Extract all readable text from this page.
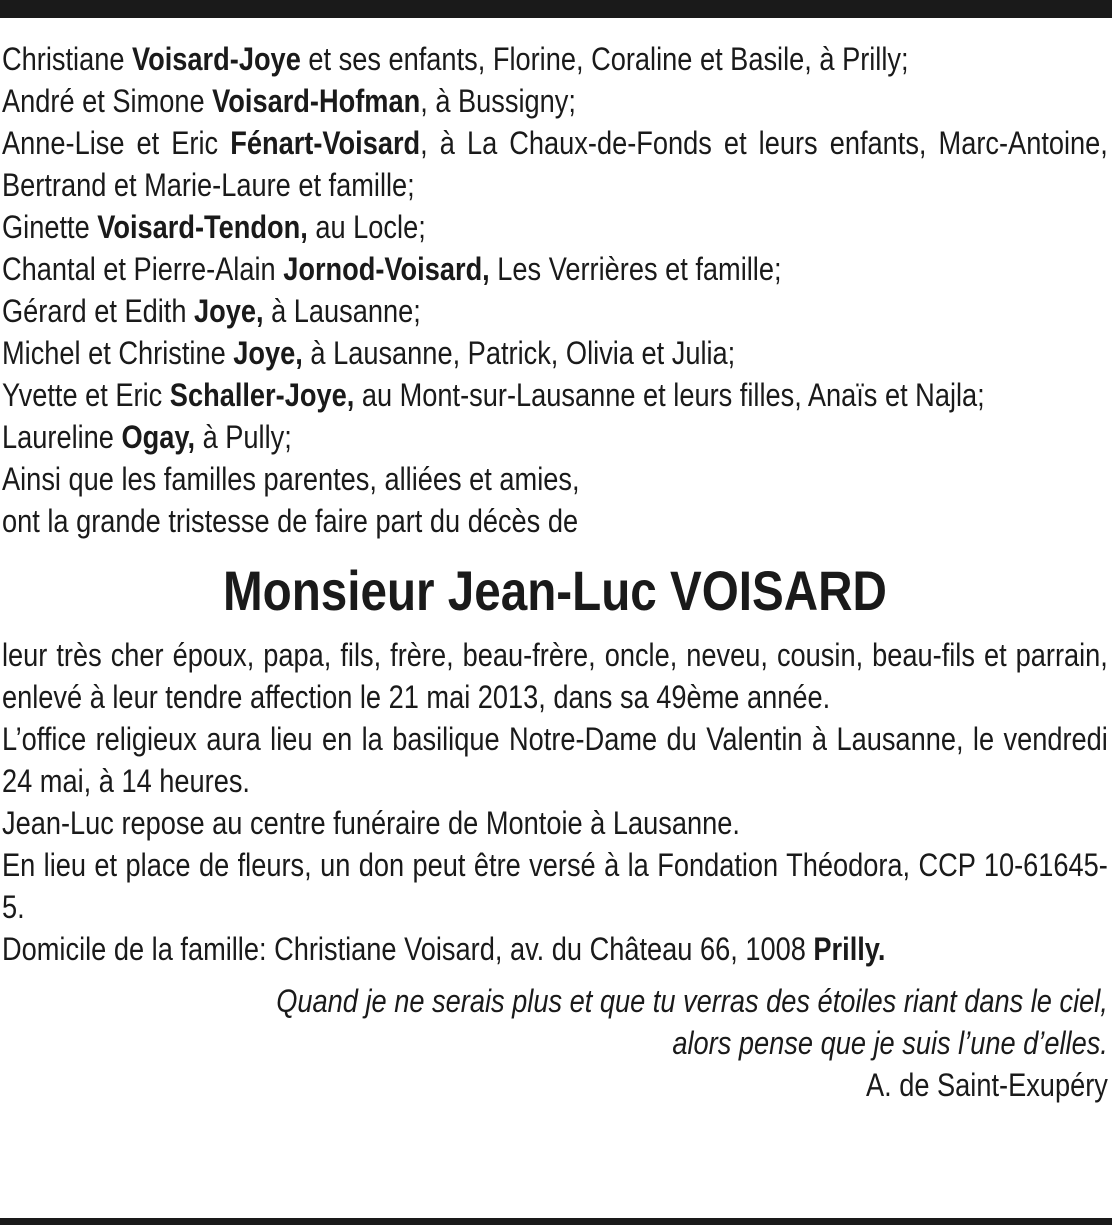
Christiane Voisard-Joye et ses enfants, Florine, Coraline et Basile, à Prilly;
André et Simone Voisard-Hofman, à Bussigny;
Anne-Lise et Eric Fénart-Voisard, à La Chaux-de-Fonds et leurs enfants, Marc-Antoine, Bertrand et Marie-Laure et famille;
Ginette Voisard-Tendon, au Locle;
Chantal et Pierre-Alain Jornod-Voisard, Les Verrières et famille;
Gérard et Edith Joye, à Lausanne;
Michel et Christine Joye, à Lausanne, Patrick, Olivia et Julia;
Yvette et Eric Schaller-Joye, au Mont-sur-Lausanne et leurs filles, Anaïs et Najla;
Laureline Ogay, à Pully;
Ainsi que les familles parentes, alliées et amies,
ont la grande tristesse de faire part du décès de
Monsieur Jean-Luc VOISARD
leur très cher époux, papa, fils, frère, beau-frère, oncle, neveu, cousin, beau-fils et parrain, enlevé à leur tendre affection le 21 mai 2013, dans sa 49ème année.
L’office religieux aura lieu en la basilique Notre-Dame du Valentin à Lausanne, le vendredi 24 mai, à 14 heures.
Jean-Luc repose au centre funéraire de Montoie à Lausanne.
En lieu et place de fleurs, un don peut être versé à la Fondation Théodora, CCP 10-61645-5.
Domicile de la famille: Christiane Voisard, av. du Château 66, 1008 Prilly.
Quand je ne serais plus et que tu verras des étoiles riant dans le ciel,
alors pense que je suis l’une d’elles.
A. de Saint-Exupéry
